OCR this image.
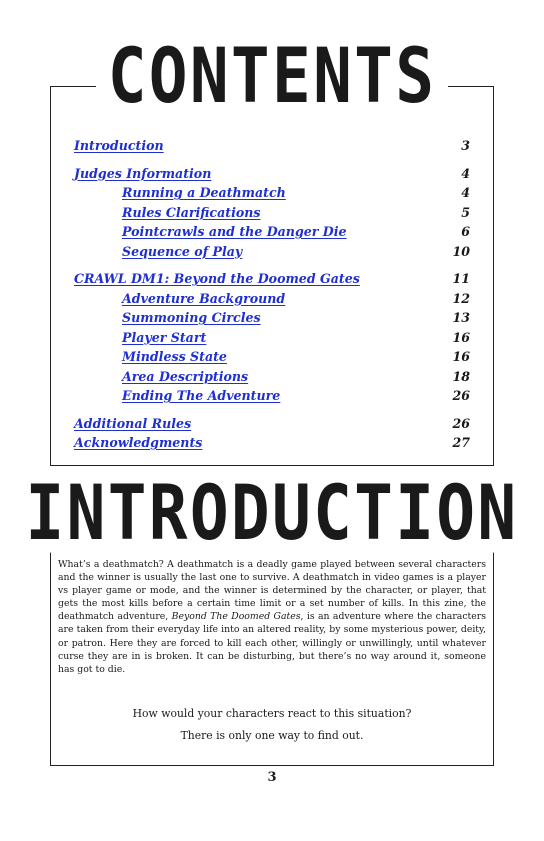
CONTENTS
Introduction	3
Judges Information	4
Running a Deathmatch	4
Rules Clarifications	5
Pointcrawls and the Danger Die	6
Sequence of Play	10
CRAWL DM1: Beyond the Doomed Gates	11
Adventure Background	12
Summoning Circles	13
Player Start	16
Mindless State	16
Area Descriptions	18
Ending The Adventure	26
Additional Rules	26
Acknowledgments	27
INTRODUCTION

What’s a deathmatch? A deathmatch is a deadly game played between several characters and the winner is usually the last one to survive. A deathmatch in video games is a player vs player game or mode, and the winner is determined by the character, or player, that gets the most kills before a certain time limit or a set number of kills. In this zine, the deathmatch adventure, Beyond The Doomed Gates, is an adventure where the characters are taken from their everyday life into an altered reality, by some mysterious power, deity, or patron. Here they are forced to kill each other, willingly or unwillingly, until whatever curse they are in is broken. It can be disturbing, but there’s no way around it, someone has got to die.

How would your characters react to this situation?
There is only one way to find out.
3
